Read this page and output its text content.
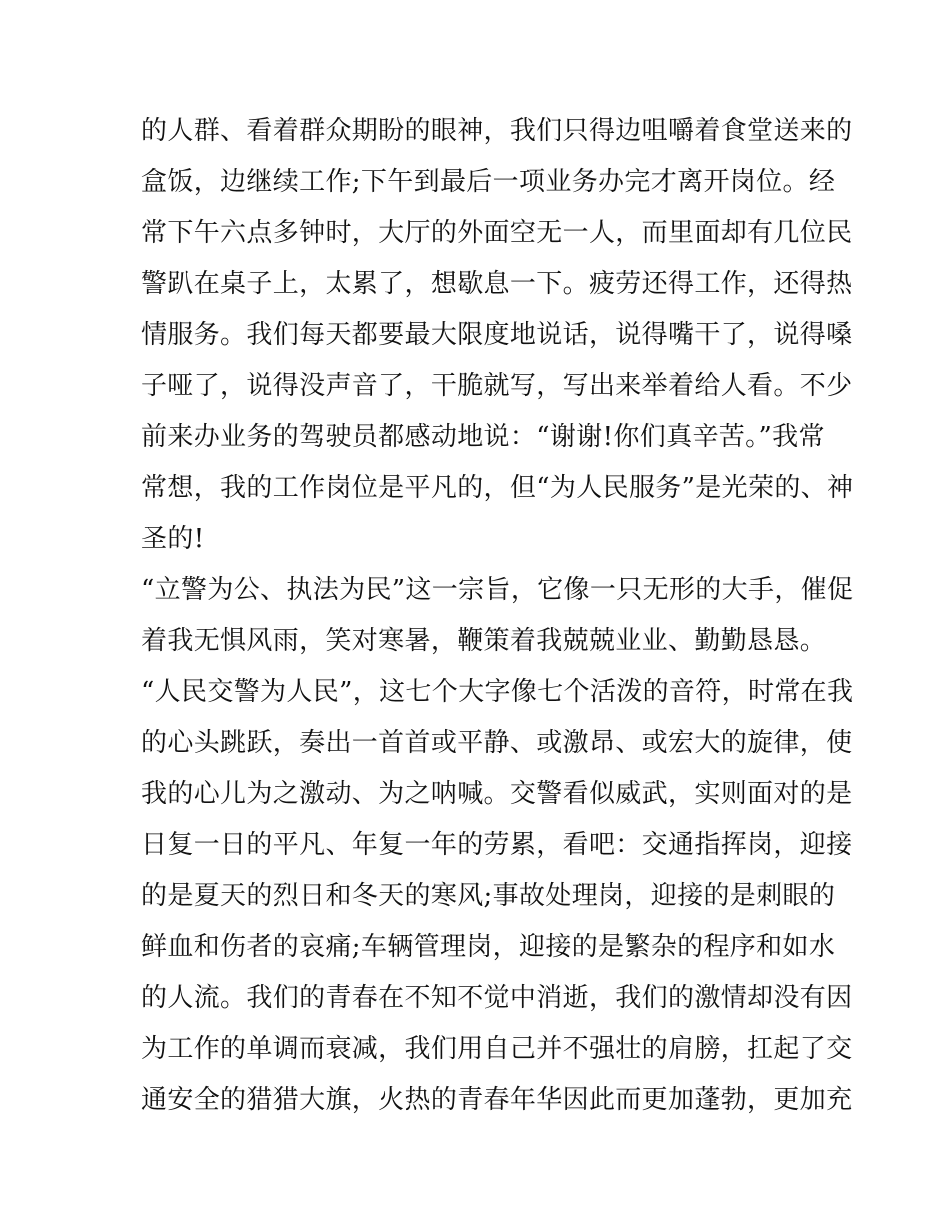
的人群、看着群众期盼的眼神，我们只得边咀嚼着食堂送来的
盒饭，边继续工作;下午到最后一项业务办完才离开岗位。经
常下午六点多钟时，大厅的外面空无一人，而里面却有几位民
警趴在桌子上，太累了，想歇息一下。疲劳还得工作，还得热
情服务。我们每天都要最大限度地说话，说得嘴干了，说得嗓
子哑了，说得没声音了，干脆就写，写出来举着给人看。不少
前来办业务的驾驶员都感动地说：“谢谢!你们真辛苦。”我常
常想，我的工作岗位是平凡的，但“为人民服务”是光荣的、神
圣的!
“立警为公、执法为民”这一宗旨，它像一只无形的大手，催促
着我无惧风雨，笑对寒暑，鞭策着我兢兢业业、勤勤恳恳。
“人民交警为人民”，这七个大字像七个活泼的音符，时常在我
的心头跳跃，奏出一首首或平静、或激昂、或宏大的旋律，使
我的心儿为之激动、为之呐喊。交警看似威武，实则面对的是
日复一日的平凡、年复一年的劳累，看吧：交通指挥岗，迎接
的是夏天的烈日和冬天的寒风;事故处理岗，迎接的是刺眼的
鲜血和伤者的哀痛;车辆管理岗，迎接的是繁杂的程序和如水
的人流。我们的青春在不知不觉中消逝，我们的激情却没有因
为工作的单调而衰减，我们用自己并不强壮的肩膀，扛起了交
通安全的猎猎大旗，火热的青春年华因此而更加蓬勃，更加充
